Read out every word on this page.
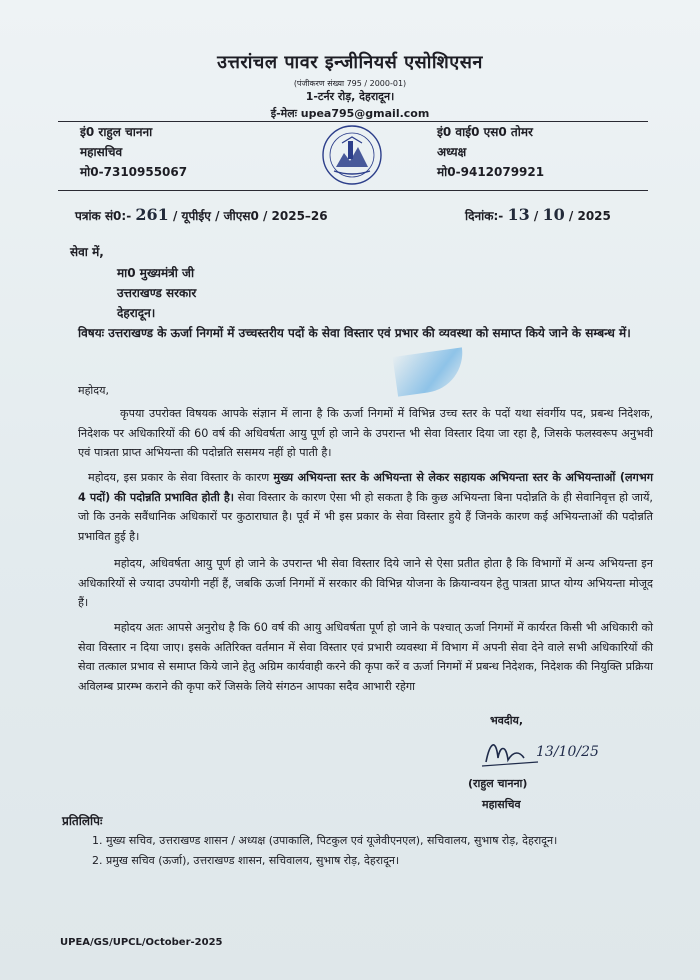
उत्तरांचल पावर इन्जीनियर्स एसोशिएसन
(पंजीकरण संख्या 795 / 2000-01)
1-टर्नर रोड़, देहरादून।
ई-मेलः upea795@gmail.com
इं0 राहुल चानना
महासचिव
मो0-7310955067
इं0 वाई0 एस0 तोमर
अध्यक्ष
मो0-9412079921
पत्रांक सं0:- 261 / यूपीईए / जीएस0 / 2025–26	दिनांक:- 13 / 10 / 2025
सेवा में,
मा0 मुख्यमंत्री जी
उत्तराखण्ड सरकार
देहरादून।
विषयः उत्तराखण्ड के ऊर्जा निगमों में उच्चस्तरीय पदों के सेवा विस्तार एवं प्रभार की व्यवस्था को समाप्त किये जाने के सम्बन्ध में।
महोदय,
कृपया उपरोक्त विषयक आपके संज्ञान में लाना है कि ऊर्जा निगमों में विभिन्न उच्च स्तर के पदों यथा संवर्गीय पद, प्रबन्ध निदेशक, निदेशक पर अधिकारियों की 60 वर्ष की अधिवर्षता आयु पूर्ण हो जाने के उपरान्त भी सेवा विस्तार दिया जा रहा है, जिसके फलस्वरूप अनुभवी एवं पात्रता प्राप्त अभियन्ता की पदोन्नति ससमय नहीं हो पाती है।
महोदय, इस प्रकार के सेवा विस्तार के कारण मुख्य अभियन्ता स्तर के अभियन्ता से लेकर सहायक अभियन्ता स्तर के अभियन्ताओं (लगभग 4 पदों) की पदोन्नति प्रभावित होती है। सेवा विस्तार के कारण ऐसा भी हो सकता है कि कुछ अभियन्ता बिना पदोन्नति के ही सेवानिवृत्त हो जायें, जो कि उनके सवैंधानिक अधिकारों पर कुठाराघात है। पूर्व में भी इस प्रकार के सेवा विस्तार हुये हैं जिनके कारण कई अभियन्ताओं की पदोन्नति प्रभावित हुई है।
महोदय, अधिवर्षता आयु पूर्ण हो जाने के उपरान्त भी सेवा विस्तार दिये जाने से ऐसा प्रतीत होता है कि विभागों में अन्य अभियन्ता इन अधिकारियों से ज्यादा उपयोगी नहीं हैं, जबकि ऊर्जा निगमों में सरकार की विभिन्न योजना के क्रियान्वयन हेतु पात्रता प्राप्त योग्य अभियन्ता मोजूद हैं।
महोदय अतः आपसे अनुरोध है कि 60 वर्ष की आयु अधिवर्षता पूर्ण हो जाने के पश्चात् ऊर्जा निगमों में कार्यरत किसी भी अधिकारी को सेवा विस्तार न दिया जाए। इसके अतिरिक्त वर्तमान में सेवा विस्तार एवं प्रभारी व्यवस्था में विभाग में अपनी सेवा देने वाले सभी अधिकारियों की सेवा तत्काल प्रभाव से समाप्त किये जाने हेतु अग्रिम कार्यवाही करने की कृपा करें व ऊर्जा निगमों में प्रबन्ध निदेशक, निदेशक की नियुक्ति प्रक्रिया अविलम्ब प्रारम्भ कराने की कृपा करें जिसके लिये संगठन आपका सदैव आभारी रहेगा
भवदीय,
13/10/25
(राहुल चानना)
महासचिव
प्रतिलिपिः
1. मुख्य सचिव, उत्तराखण्ड शासन / अध्यक्ष (उपाकालि, पिटकुल एवं यूजेवीएनएल), सचिवालय, सुभाष रोड़, देहरादून।
2. प्रमुख सचिव (ऊर्जा), उत्तराखण्ड शासन, सचिवालय, सुभाष रोड़, देहरादून।
UPEA/GS/UPCL/October-2025
